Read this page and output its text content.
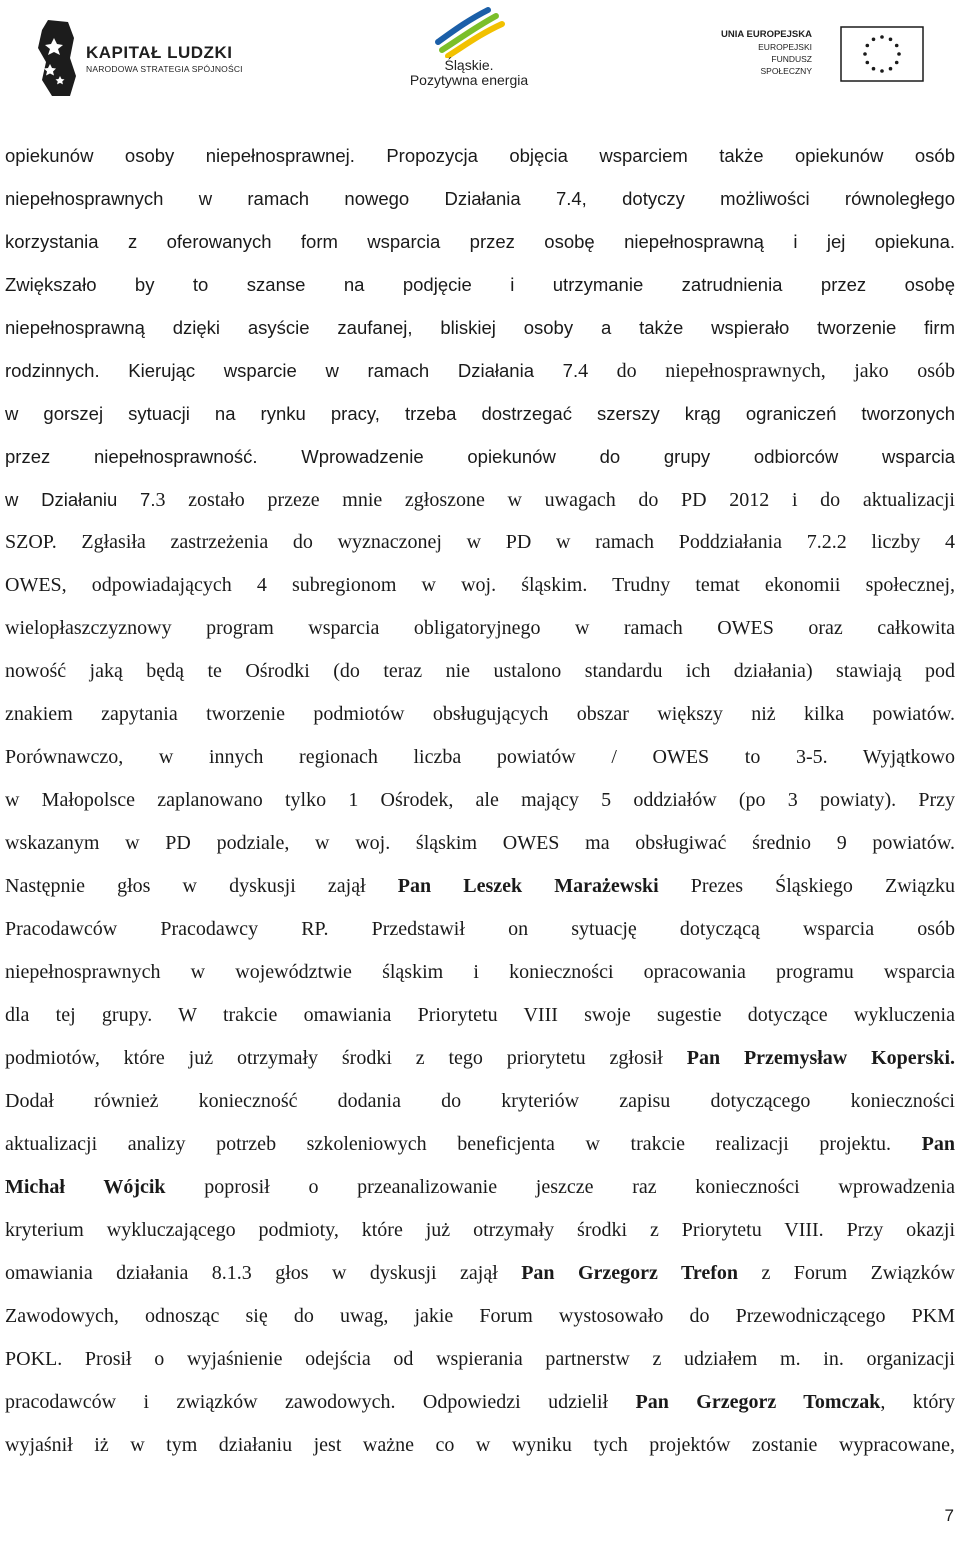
KAPITAŁ LUDZKI
NARODOWA STRATEGIA SPÓJNOŚCI	Śląskie.
Pozytywna energia
UNIA EUROPEJSKA
EUROPEJSKI
FUNDUSZ SPOŁECZNY
opiekunów osoby niepełnosprawnej. Propozycja objęcia wsparciem także opiekunów osób
niepełnosprawnych w ramach nowego Działania 7.4, dotyczy możliwości równoległego
korzystania z oferowanych form wsparcia przez osobę niepełnosprawną i jej opiekuna.
Zwiększało by to szanse na podjęcie i utrzymanie zatrudnienia przez osobę
niepełnosprawną dzięki asyście zaufanej, bliskiej osoby a także wspierało tworzenie firm
rodzinnych. Kierując wsparcie w ramach Działania 7.4 do niepełnosprawnych, jako osób
w gorszej sytuacji na rynku pracy, trzeba dostrzegać szerszy krąg ograniczeń tworzonych
przez niepełnosprawność. Wprowadzenie opiekunów do grupy odbiorców wsparcia
w Działaniu 7.3 zostało przeze mnie zgłoszone w uwagach do PD 2012 i do aktualizacji
SZOP. Zgłasiła zastrzeżenia do wyznaczonej w PD w ramach Poddziałania 7.2.2 liczby 4
OWES, odpowiadających 4 subregionom w woj. śląskim. Trudny temat ekonomii społecznej,
wielopłaszczyznowy program wsparcia obligatoryjnego w ramach OWES oraz całkowita
nowość jaką będą te Ośrodki (do teraz nie ustalono standardu ich działania) stawiają pod
znakiem zapytania tworzenie podmiotów obsługujących obszar większy niż kilka powiatów.
Porównawczo, w innych regionach liczba powiatów / OWES to 3-5. Wyjątkowo
w Małopolsce zaplanowano tylko 1 Ośrodek, ale mający 5 oddziałów (po 3 powiaty). Przy
wskazanym w PD podziale, w woj. śląskim OWES ma obsługiwać średnio 9 powiatów.
Następnie głos w dyskusji zajął Pan Leszek Marażewski Prezes Śląskiego Związku
Pracodawców Pracodawcy RP. Przedstawił on sytuację dotyczącą wsparcia osób
niepełnosprawnych w województwie śląskim i konieczności opracowania programu wsparcia
dla tej grupy. W trakcie omawiania Priorytetu VIII swoje sugestie dotyczące wykluczenia
podmiotów, które już otrzymały środki z tego priorytetu zgłosił Pan Przemysław Koperski.
Dodał również konieczność dodania do kryteriów zapisu dotyczącego konieczności
aktualizacji analizy potrzeb szkoleniowych beneficjenta w trakcie realizacji projektu. Pan
Michał Wójcik poprosił o przeanalizowanie jeszcze raz konieczności wprowadzenia
kryterium wykluczającego podmioty, które już otrzymały środki z Priorytetu VIII. Przy okazji
omawiania działania 8.1.3 głos w dyskusji zajął Pan Grzegorz Trefon z Forum Związków
Zawodowych, odnosząc się do uwag, jakie Forum wystosowało do Przewodniczącego PKM
POKL. Prosił o wyjaśnienie odejścia od wspierania partnerstw z udziałem m. in. organizacji
pracodawców i związków zawodowych. Odpowiedzi udzielił Pan Grzegorz Tomczak, który
wyjaśnił iż w tym działaniu jest ważne co w wyniku tych projektów zostanie wypracowane,
7
